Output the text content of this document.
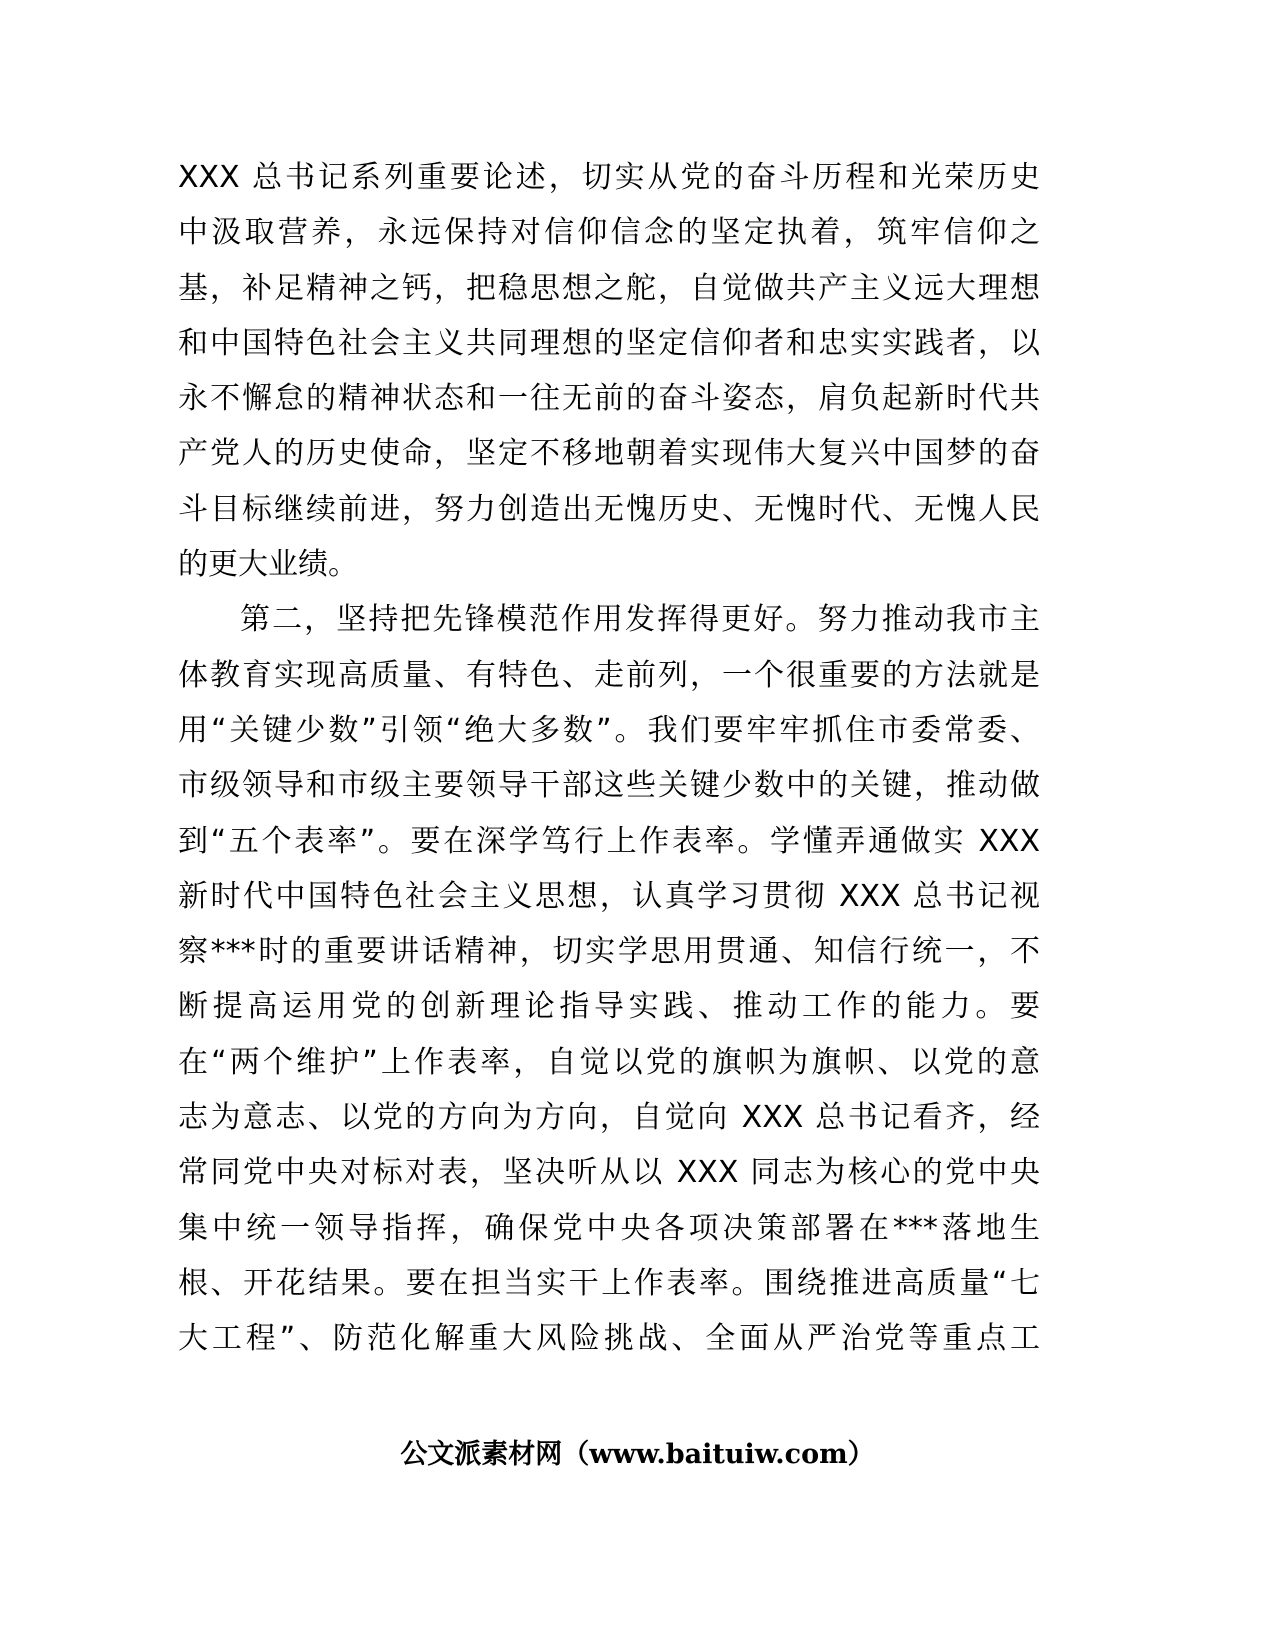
XXX 总书记系列重要论述，切实从党的奋斗历程和光荣历史
中汲取营养，永远保持对信仰信念的坚定执着，筑牢信仰之
基，补足精神之钙，把稳思想之舵，自觉做共产主义远大理想
和中国特色社会主义共同理想的坚定信仰者和忠实实践者，以
永不懈怠的精神状态和一往无前的奋斗姿态，肩负起新时代共
产党人的历史使命，坚定不移地朝着实现伟大复兴中国梦的奋
斗目标继续前进，努力创造出无愧历史、无愧时代、无愧人民
的更大业绩。
第二，坚持把先锋模范作用发挥得更好。努力推动我市主
体教育实现高质量、有特色、走前列，一个很重要的方法就是
用“关键少数”引领“绝大多数”。我们要牢牢抓住市委常委、
市级领导和市级主要领导干部这些关键少数中的关键，推动做
到“五个表率”。要在深学笃行上作表率。学懂弄通做实 XXX
新时代中国特色社会主义思想，认真学习贯彻 XXX 总书记视
察***时的重要讲话精神，切实学思用贯通、知信行统一，不
断提高运用党的创新理论指导实践、推动工作的能力。要
在“两个维护”上作表率，自觉以党的旗帜为旗帜、以党的意
志为意志、以党的方向为方向，自觉向 XXX 总书记看齐，经
常同党中央对标对表，坚决听从以 XXX 同志为核心的党中央
集中统一领导指挥，确保党中央各项决策部署在***落地生
根、开花结果。要在担当实干上作表率。围绕推进高质量“七
大工程”、防范化解重大风险挑战、全面从严治党等重点工
公文派素材网（www.baituiw.com）
